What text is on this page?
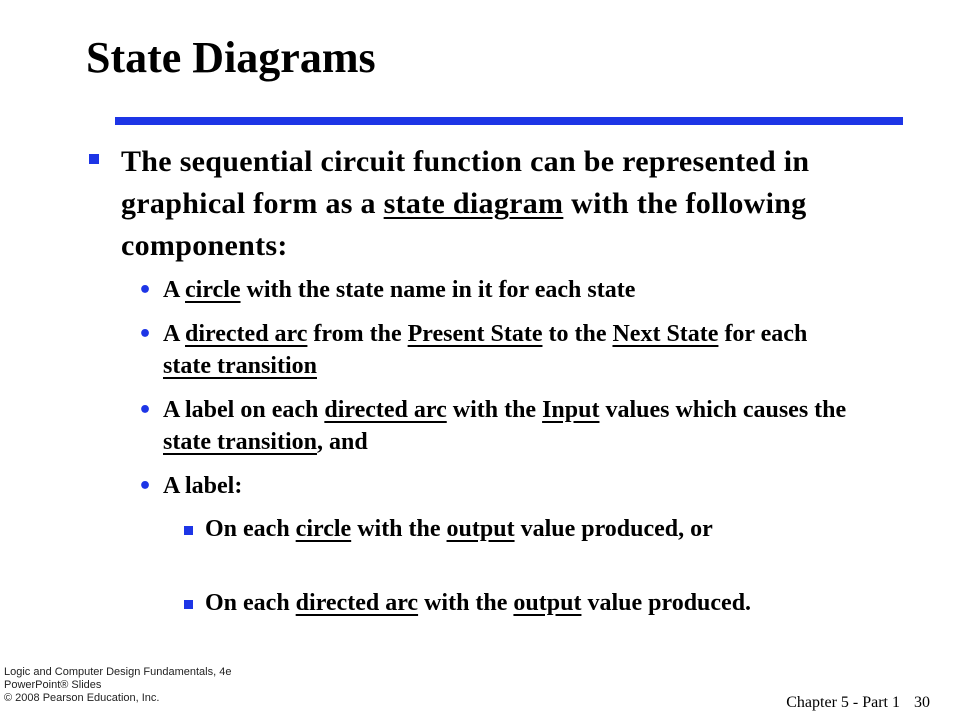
State Diagrams
The sequential circuit function can be represented in graphical form as a state diagram with the following components:
• A circle with the state name in it for each state
• A directed arc from the Present State to the Next State for each state transition
• A label on each directed arc with the Input values which causes the state transition, and
• A label:
On each circle with the output value produced, or
On each directed arc with the output value produced.
Logic and Computer Design Fundamentals, 4e
PowerPoint® Slides
© 2008 Pearson Education, Inc.	Chapter 5 - Part 1 30
